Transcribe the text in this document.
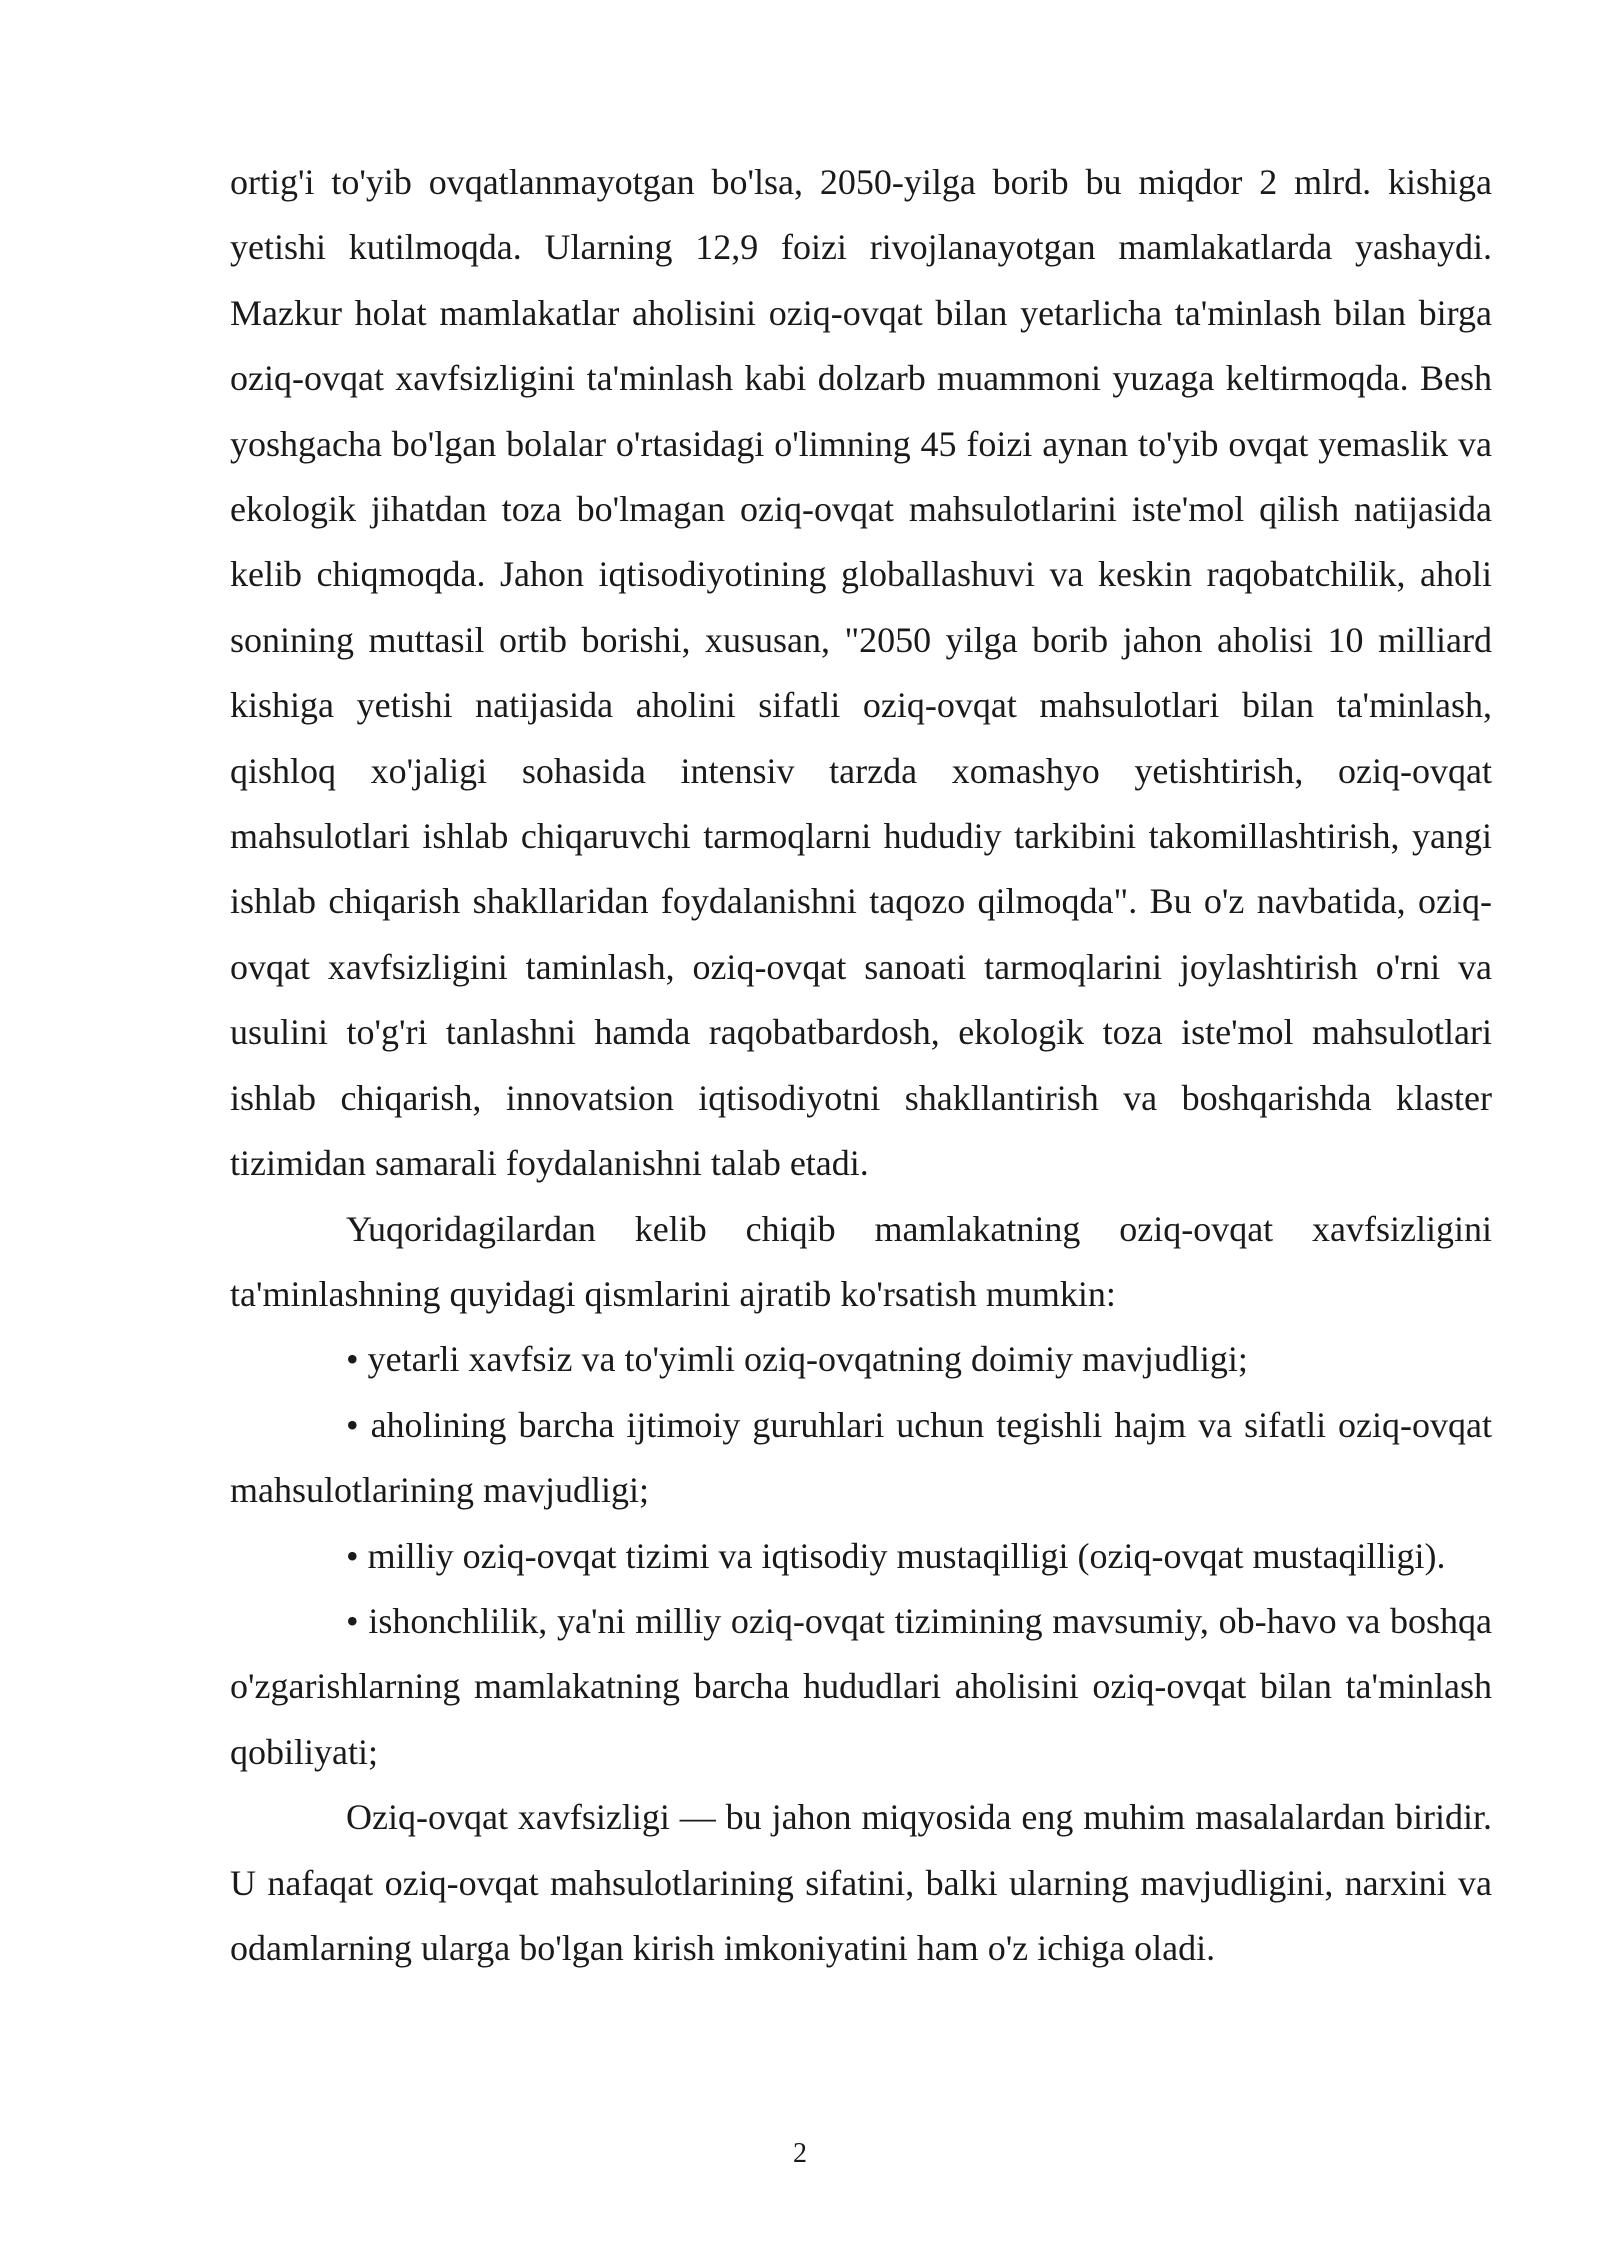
ortig'i to'yib ovqatlanmayotgan bo'lsa, 2050-yilga borib bu miqdor 2 mlrd. kishiga yetishi kutilmoqda. Ularning 12,9 foizi rivojlanayotgan mamlakatlarda yashaydi. Mazkur holat mamlakatlar aholisini oziq-ovqat bilan yetarlicha ta'minlash bilan birga oziq-ovqat xavfsizligini ta'minlash kabi dolzarb muammoni yuzaga keltirmoqda. Besh yoshgacha bo'lgan bolalar o'rtasidagi o'limning 45 foizi aynan to'yib ovqat yemaslik va ekologik jihatdan toza bo'lmagan oziq-ovqat mahsulotlarini iste'mol qilish natijasida kelib chiqmoqda. Jahon iqtisodiyotining globallashuvi va keskin raqobatchilik, aholi sonining muttasil ortib borishi, xususan, "2050 yilga borib jahon aholisi 10 milliard kishiga yetishi natijasida aholini sifatli oziq-ovqat mahsulotlari bilan ta'minlash, qishloq xo'jaligi sohasida intensiv tarzda xomashyo yetishtirish, oziq-ovqat mahsulotlari ishlab chiqaruvchi tarmoqlarni hududiy tarkibini takomillashtirish, yangi ishlab chiqarish shakllaridan foydalanishni taqozo qilmoqda". Bu o'z navbatida, oziq-ovqat xavfsizligini taminlash, oziq-ovqat sanoati tarmoqlarini joylashtirish o'rni va usulini to'g'ri tanlashni hamda raqobatbardosh, ekologik toza iste'mol mahsulotlari ishlab chiqarish, innovatsion iqtisodiyotni shakllantirish va boshqarishda klaster tizimidan samarali foydalanishni talab etadi.

Yuqoridagilardan kelib chiqib mamlakatning oziq-ovqat xavfsizligini ta'minlashning quyidagi qismlarini ajratib ko'rsatish mumkin:

• yetarli xavfsiz va to'yimli oziq-ovqatning doimiy mavjudligi;

• aholining barcha ijtimoiy guruhlari uchun tegishli hajm va sifatli oziq-ovqat mahsulotlarining mavjudligi;

• milliy oziq-ovqat tizimi va iqtisodiy mustaqilligi (oziq-ovqat mustaqilligi).

• ishonchlilik, ya'ni milliy oziq-ovqat tizimining mavsumiy, ob-havo va boshqa o'zgarishlarning mamlakatning barcha hududlari aholisini oziq-ovqat bilan ta'minlash qobiliyati;

Oziq-ovqat xavfsizligi — bu jahon miqyosida eng muhim masalalardan biridir. U nafaqat oziq-ovqat mahsulotlarining sifatini, balki ularning mavjudligini, narxini va odamlarning ularga bo'lgan kirish imkoniyatini ham o'z ichiga oladi.

2
